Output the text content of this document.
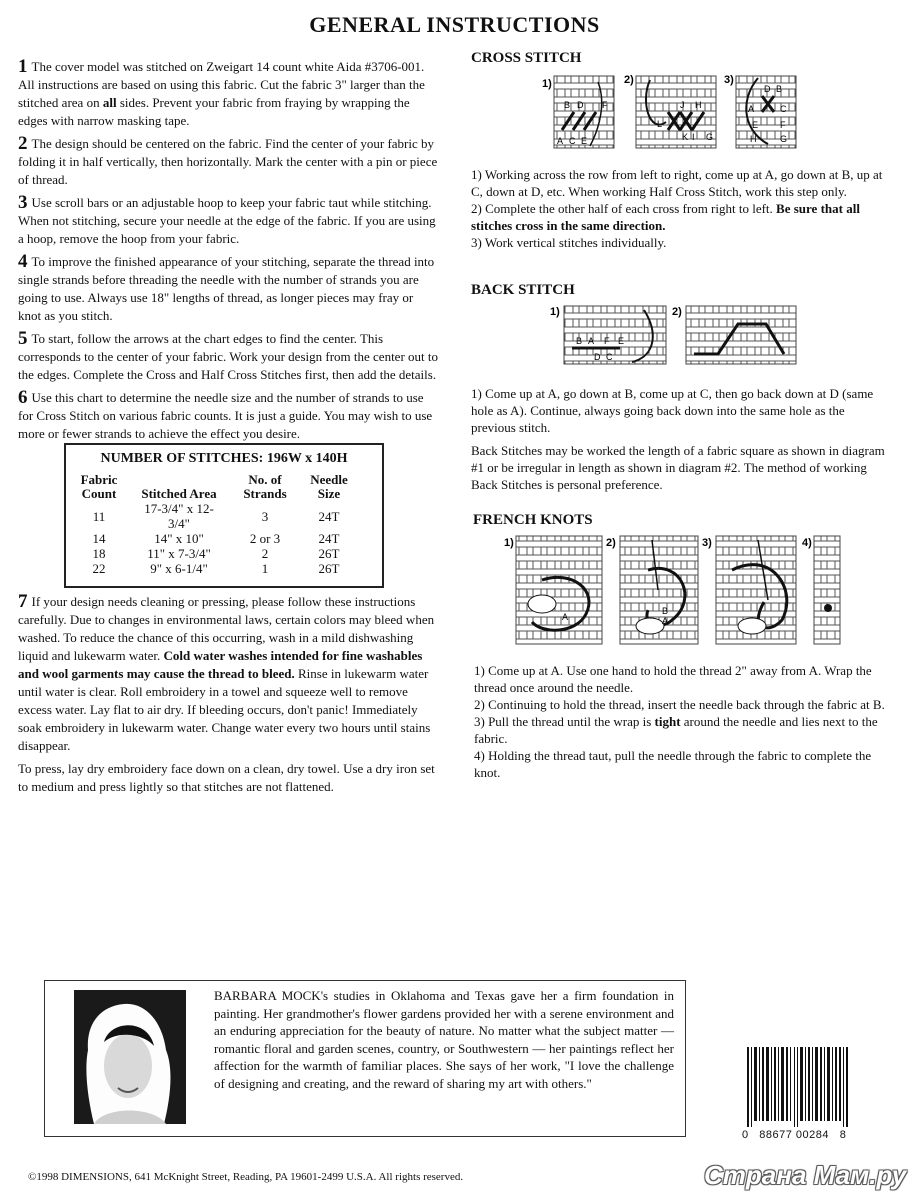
GENERAL INSTRUCTIONS

1 The cover model was stitched on Zweigart 14 count white Aida #3706-001. All instructions are based on using this fabric. Cut the fabric 3" larger than the stitched area on all sides. Prevent your fabric from fraying by wrapping the edges with narrow masking tape.

2 The design should be centered on the fabric. Find the center of your fabric by folding it in half vertically, then horizontally. Mark the center with a pin or piece of thread.

3 Use scroll bars or an adjustable hoop to keep your fabric taut while stitching. When not stitching, secure your needle at the edge of the fabric. If you are using a hoop, remove the hoop from your fabric.

4 To improve the finished appearance of your stitching, separate the thread into single strands before threading the needle with the number of strands you are going to use. Always use 18" lengths of thread, as longer pieces may fray or knot as you stitch.

5 To start, follow the arrows at the chart edges to find the center. This corresponds to the center of your fabric. Work your design from the center out to the edges. Complete the Cross and Half Cross Stitches first, then add the details.

6 Use this chart to determine the needle size and the number of strands to use for Cross Stitch on various fabric counts. It is just a guide. You may wish to use more or fewer strands to achieve the effect you desire.

NUMBER OF STITCHES: 196W x 140H
Fabric Count	Stitched Area	No. of Strands	Needle Size
11	17-3/4" x 12-3/4"	3	24T
14	14" x 10"	2 or 3	24T
18	11" x 7-3/4"	2	26T
22	9" x 6-1/4"	1	26T

7 If your design needs cleaning or pressing, please follow these instructions carefully. Due to changes in environmental laws, certain colors may bleed when washed. To reduce the chance of this occurring, wash in a mild dishwashing liquid and lukewarm water. Cold water washes intended for fine washables and wool garments may cause the thread to bleed. Rinse in lukewarm water until water is clear. Roll embroidery in a towel and squeeze well to remove excess water. Lay flat to air dry. If bleeding occurs, don't panic! Immediately soak embroidery in lukewarm water. Change water every two hours until stains disappear.

To press, lay dry embroidery face down on a clean, dry towel. Use a dry iron set to medium and press lightly so that stitches are not flattened.

CROSS STITCH
1)
B D F
A C E
2)
L
J H
K I G
3)
D B
A	C
E F
G
H

1) Working across the row from left to right, come up at A, go down at B, up at C, down at D, etc. When working Half Cross Stitch, work this step only.

2) Complete the other half of each cross from right to left. Be sure that all stitches cross in the same direction.

3) Work vertical stitches individually.

BACK STITCH
1)
B A F E
D C
2)

1) Come up at A, go down at B, come up at C, then go back down at D (same hole as A). Continue, always going back down into the same hole as the previous stitch.

Back Stitches may be worked the length of a fabric square as shown in diagram #1 or be irregular in length as shown in diagram #2. The method of working Back Stitches is personal preference.

FRENCH KNOTS
1)
A
2)
B
A
3)	4)

1) Come up at A. Use one hand to hold the thread 2" away from A. Wrap the thread once around the needle.

2) Continuing to hold the thread, insert the needle back through the fabric at B.

3) Pull the thread until the wrap is tight around the needle and lies next to the fabric.

4) Holding the thread taut, pull the needle through the fabric to complete the knot.

BARBARA MOCK's studies in Oklahoma and Texas gave her a firm foundation in painting. Her grandmother's flower gardens provided her with a serene environment and an enduring appreciation for the beauty of nature. No matter what the subject matter — romantic floral and garden scenes, country, or Southwestern — her paintings reflect her affection for the warmth of familiar places. She says of her work, "I love the challenge of designing and creating, and the reward of sharing my art with others."
0   88677 00284   8
©1998 DIMENSIONS, 641 McKnight Street, Reading, PA 19601-2499 U.S.A. All rights reserved.	Страна Мам.ру
